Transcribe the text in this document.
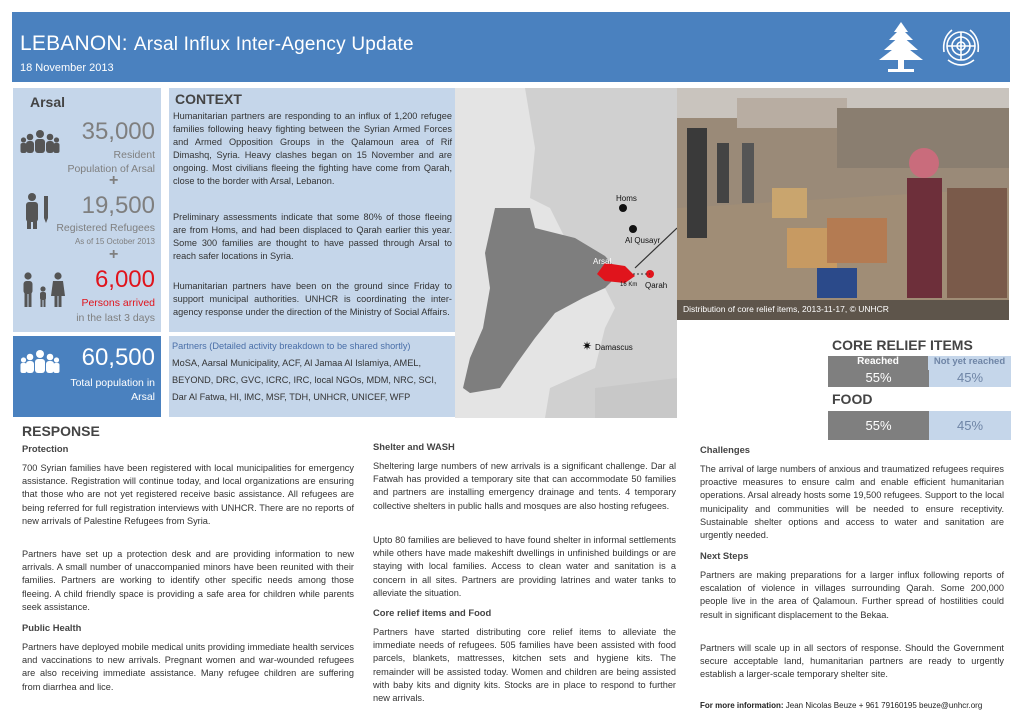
LEBANON: Arsal Influx Inter-Agency Update
18 November 2013
Arsal
35,000
Resident
Population of Arsal
+
19,500
Registered Refugees
As of 15 October 2013
+
6,000
Persons arrived
in the last 3 days
60,500
Total population in
Arsal
CONTEXT

Humanitarian partners are responding to an influx of 1,200 refugee families following heavy fighting between the Syrian Armed Forces and Armed Opposition Groups in the Qalamoun area of Rif Dimashq, Syria. Heavy clashes began on 15 November and are ongoing. Most civilians fleeing the fighting have come from Qarah, close to the border with Arsal, Lebanon.

Preliminary assessments indicate that some 80% of those fleeing are from Homs, and had been displaced to Qarah earlier this year. Some 300 families are thought to have passed through Arsal to reach safer locations in Syria.

Humanitarian partners have been on the ground since Friday to support municipal authorities. UNHCR is coordinating the inter-agency response under the direction of the Ministry of Social Affairs.

Partners (Detailed activity breakdown to be shared shortly)
MoSA, Aarsal Municipality, ACF, Al Jamaa Al Islamiya, AMEL, BEYOND, DRC, GVC, ICRC, IRC, local NGOs, MDM, NRC, SCI, Dar Al Fatwa, HI, IMC, MSF, TDH, UNHCR, UNICEF, WFP

Homs
Al Qusayr
Arsal
Qarah
16 Km
✷ Damascus
Distribution of core relief items, 2013-11-17, © UNHCR
CORE RELIEF ITEMS
Reached	Not yet reached
55%	45%
FOOD
55%	45%
RESPONSE
Protection
700 Syrian families have been registered with local municipalities for emergency assistance. Registration will continue today, and local organizations are ensuring that those who are not yet registered receive basic assistance. All refugees are being referred for full registration interviews with UNHCR. There are no reports of new arrivals of Palestine Refugees from Syria.
Partners have set up a protection desk and are providing information to new arrivals. A small number of unaccompanied minors have been reunited with their families. Partners are working to identify other specific needs among those fleeing. A child friendly space is providing a safe area for children while parents seek assistance.
Public Health
Partners have deployed mobile medical units providing immediate health services and vaccinations to new arrivals. Pregnant women and war-wounded refugees are also receiving immediate assistance. Many refugee children are suffering from diarrhea and lice.
Shelter and WASH
Sheltering large numbers of new arrivals is a significant challenge. Dar al Fatwah has provided a temporary site that can accommodate 50 families and partners are installing emergency drainage and tents. 4 temporary collective shelters in public halls and mosques are also hosting refugees.
Upto 80 families are believed to have found shelter in informal settlements while others have made makeshift dwellings in unfinished buildings or are staying with local families. Access to clean water and sanitation is a concern in all sites. Partners are providing latrines and water tanks to alleviate the situation.
Core relief items and Food
Partners have started distributing core relief items to alleviate the immediate needs of refugees. 505 families have been assisted with food parcels, blankets, mattresses, kitchen sets and hygiene kits. The remainder will be assisted today. Women and children are being assisted with baby kits and dignity kits. Stocks are in place to respond to further new arrivals.
Challenges
The arrival of large numbers of anxious and traumatized refugees requires proactive measures to ensure calm and enable efficient humanitarian operations. Arsal already hosts some 19,500 refugees. Support to the local municipality and communities will be needed to ensure receptivity. Sustainable shelter options and access to water and sanitation are urgently needed.
Next Steps
Partners are making preparations for a larger influx following reports of escalation of violence in villages surrounding Qarah. Some 200,000 people live in the area of Qalamoun. Further spread of hostilities could result in significant displacement to the Bekaa.
Partners will scale up in all sectors of response. Should the Government secure acceptable land, humanitarian partners are ready to urgently establish a larger-scale temporary shelter site.
For more information: Jean Nicolas Beuze + 961 79160195 beuze@unhcr.org
